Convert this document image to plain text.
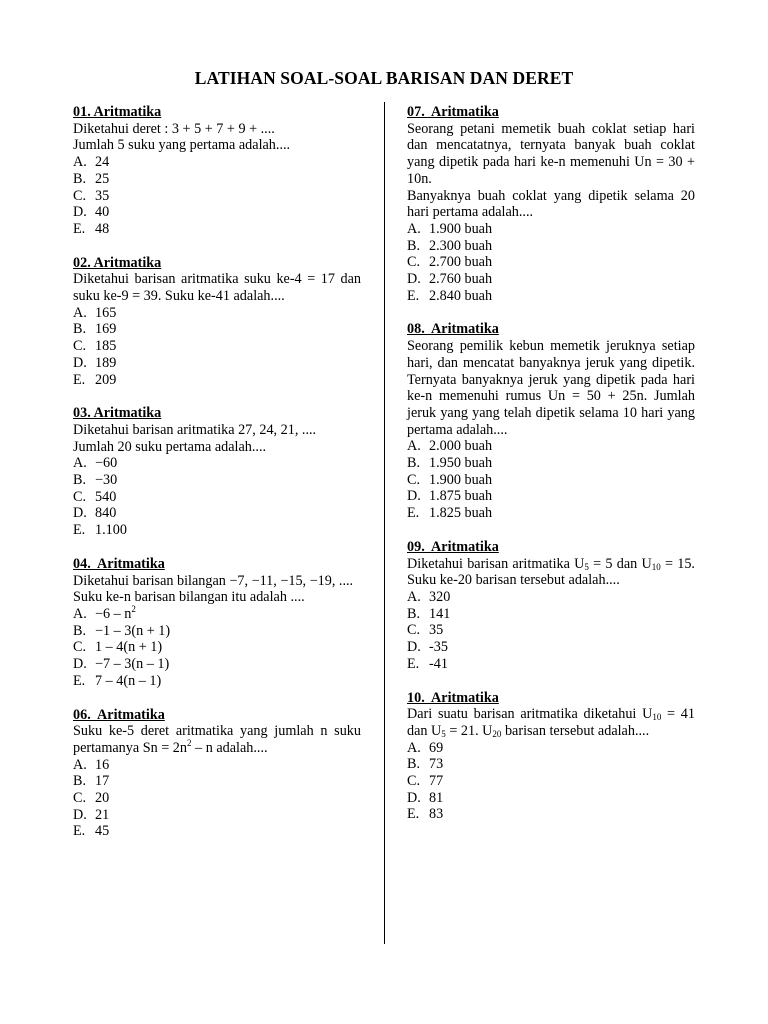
LATIHAN SOAL-SOAL BARISAN DAN DERET
01. Aritmatika
Diketahui deret : 3 + 5 + 7 + 9 + ....
Jumlah 5 suku yang pertama adalah....
A. 24
B. 25
C. 35
D. 40
E. 48
02. Aritmatika
Diketahui barisan aritmatika suku ke-4 = 17 dan suku ke-9 = 39. Suku ke-41 adalah....
A. 165
B. 169
C. 185
D. 189
E. 209
03. Aritmatika
Diketahui barisan aritmatika 27, 24, 21, ....
Jumlah 20 suku pertama adalah....
A. −60
B. −30
C. 540
D. 840
E. 1.100
04.  Aritmatika
Diketahui barisan bilangan −7, −11, −15, −19, ....
Suku ke-n barisan bilangan itu adalah ....
A. $-6 - n^2$
B. −1 – 3(n + 1)
C. 1 – 4(n + 1)
D. −7 – 3(n – 1)
E. 7 – 4(n – 1)
06.  Aritmatika
Suku ke-5 deret aritmatika yang jumlah n suku pertamanya $Sn = 2n^2 - n$ adalah....
A. 16
B. 17
C. 20
D. 21
E. 45
07.  Aritmatika
Seorang petani memetik buah coklat setiap hari dan mencatatnya, ternyata banyak buah coklat yang dipetik pada hari ke-n memenuhi Un = 30 + 10n.
Banyaknya buah coklat yang dipetik selama 20 hari pertama adalah....
A. 1.900 buah
B. 2.300 buah
C. 2.700 buah
D. 2.760 buah
E. 2.840 buah
08.  Aritmatika
Seorang pemilik kebun memetik jeruknya setiap hari, dan mencatat banyaknya jeruk yang dipetik. Ternyata banyaknya jeruk yang dipetik pada hari ke-n memenuhi rumus Un = 50 + 25n. Jumlah jeruk yang yang telah dipetik selama 10 hari yang pertama adalah....
A. 2.000 buah
B. 1.950 buah
C. 1.900 buah
D. 1.875 buah
E. 1.825 buah
09.  Aritmatika
Diketahui barisan aritmatika $U_5 = 5$ dan $U_{10} = 15$. Suku ke-20 barisan tersebut adalah....
A. 320
B. 141
C. 35
D. -35
E. -41
10.  Aritmatika
Dari suatu barisan aritmatika diketahui $U_{10} = 41$ dan $U_5 = 21$. $U_{20}$ barisan tersebut adalah....
A. 69
B. 73
C. 77
D. 81
E. 83
